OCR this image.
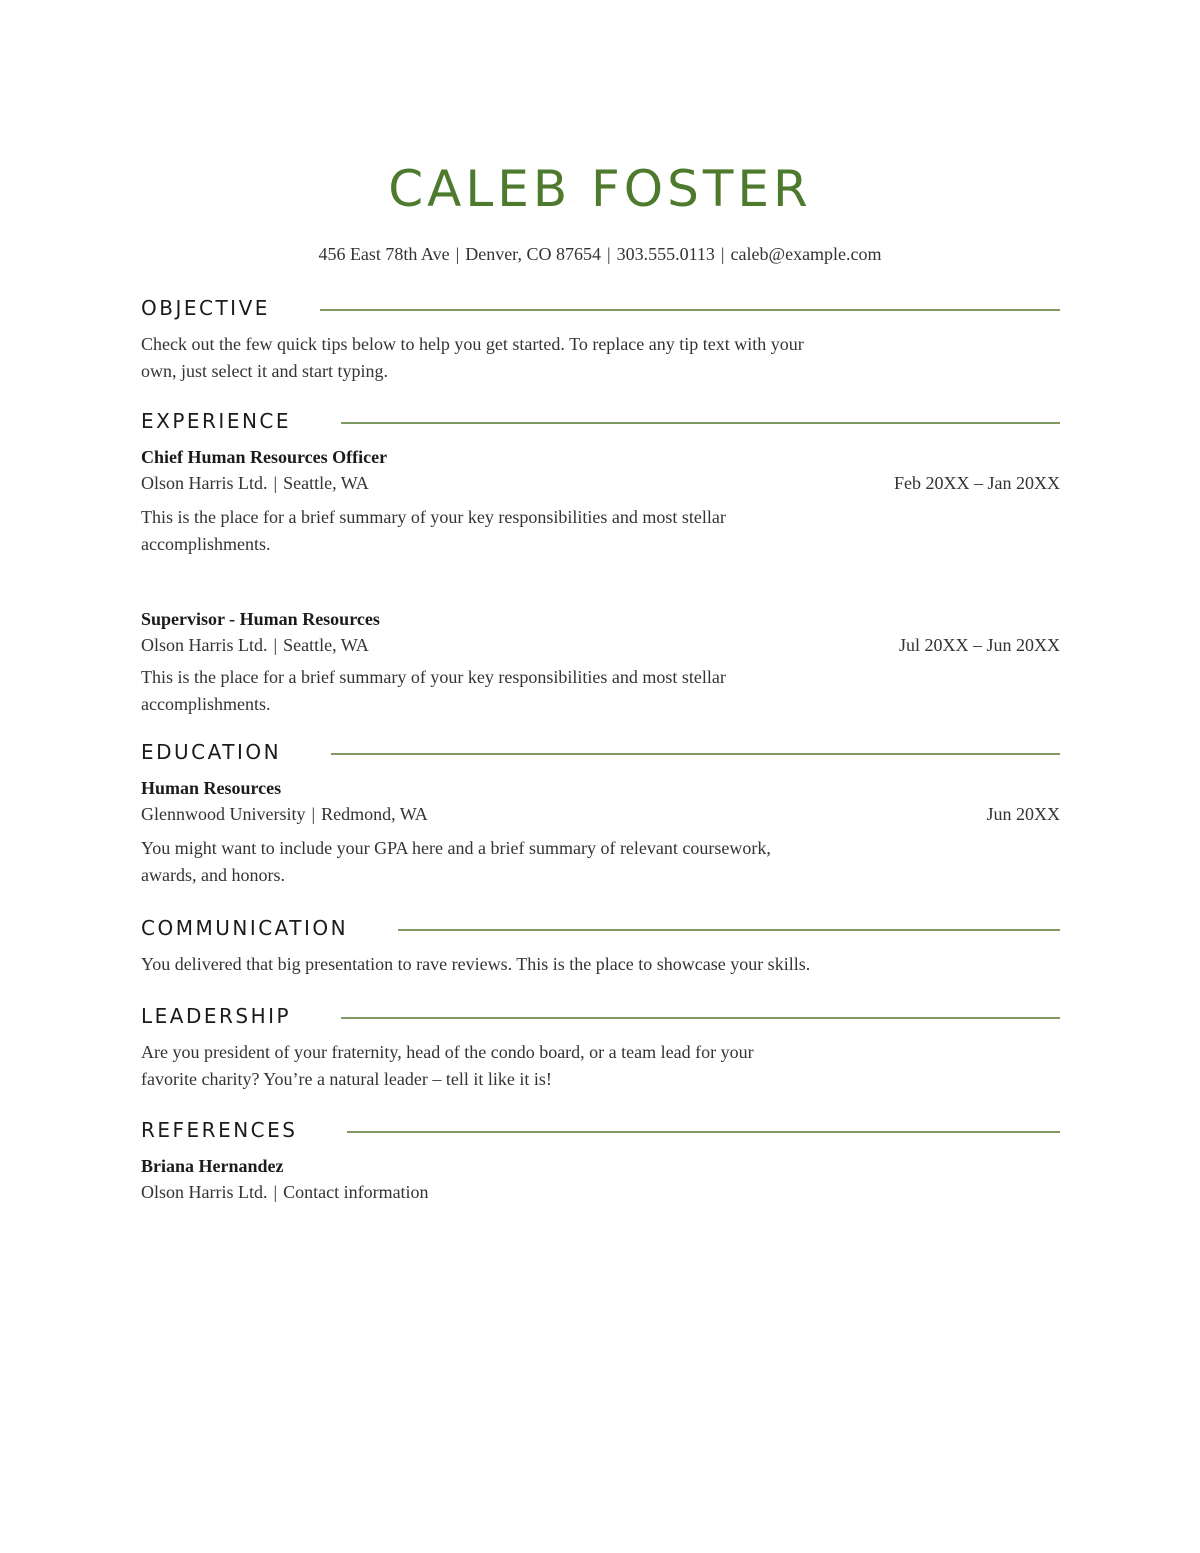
CALEB FOSTER
456 East 78th Ave | Denver, CO 87654 | 303.555.0113 | caleb@example.com
OBJECTIVE
Check out the few quick tips below to help you get started. To replace any tip text with your
own, just select it and start typing.
EXPERIENCE
Chief Human Resources Officer
Olson Harris Ltd. | Seattle, WA	Feb 20XX – Jan 20XX
This is the place for a brief summary of your key responsibilities and most stellar
accomplishments.
Supervisor - Human Resources
Olson Harris Ltd. | Seattle, WA	Jul 20XX – Jun 20XX
This is the place for a brief summary of your key responsibilities and most stellar
accomplishments.
EDUCATION
Human Resources
Glennwood University | Redmond, WA	Jun 20XX
You might want to include your GPA here and a brief summary of relevant coursework,
awards, and honors.
COMMUNICATION
You delivered that big presentation to rave reviews. This is the place to showcase your skills.
LEADERSHIP
Are you president of your fraternity, head of the condo board, or a team lead for your
favorite charity? You’re a natural leader – tell it like it is!
REFERENCES
Briana Hernandez
Olson Harris Ltd. | Contact information
